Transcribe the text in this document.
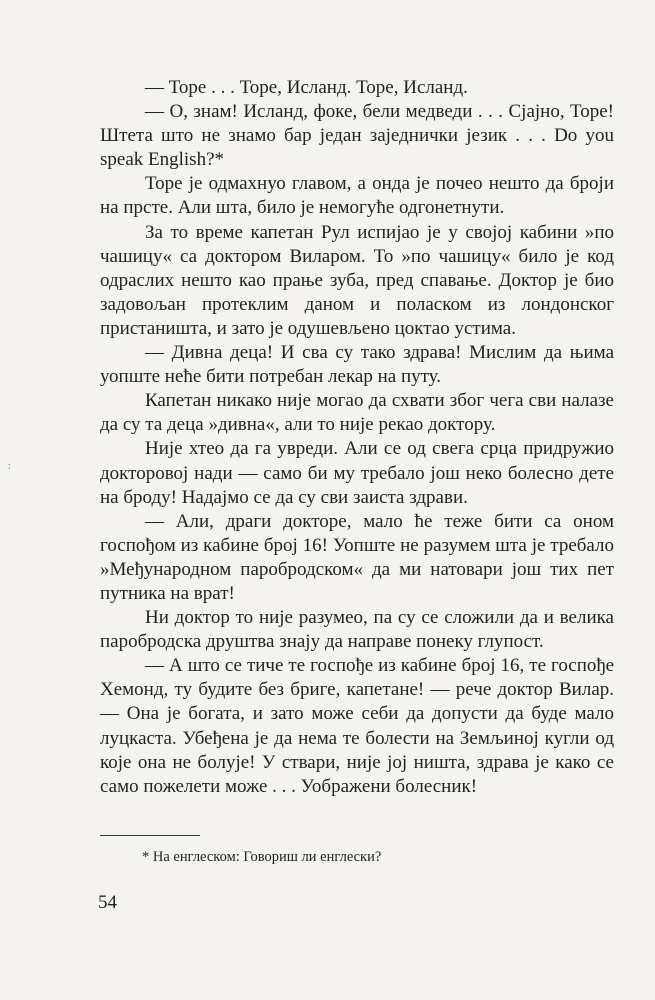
— Торе . . . Торе, Исланд. Торе, Исланд.

— О, знам! Исланд, фоке, бели медведи . . . Сјајно, Торе! Штета што не знамо бар један заједнички језик . . . Do you speak English?*

Торе је одмахнуо главом, а онда је почео нешто да броји на прсте. Али шта, било је немогуће одгонетнути.

За то време капетан Рул испијао је у својој кабини »по чашицу« са доктором Виларом. То »по чашицу« било је код одраслих нешто као прање зуба, пред спавање. Доктор је био задовољан протеклим даном и поласком из лондонског пристаништа, и зато је одушевљено цоктао устима.

— Дивна деца! И сва су тако здрава! Мислим да њима уопште неће бити потребан лекар на путу.

Капетан никако није могао да схвати због чега сви налазе да су та деца »дивна«, али то није рекао доктору.

Није хтео да га увреди. Али се од свега срца придружио докторовој нади — само би му требало још неко болесно дете на броду! Надајмо се да су сви заиста здрави.

— Али, драги докторе, мало ће теже бити са оном госпођом из кабине број 16! Уопште не разумем шта је требало »Међународном паробродском« да ми натовари још тих пет путника на врат!

Ни доктор то није разумео, па су се сложили да и велика паробродска друштва знају да направе понеку глупост.

— А што се тиче те госпође из кабине број 16, те госпође Хемонд, ту будите без бриге, капетане! — рече доктор Вилар. — Она је богата, и зато може себи да допусти да буде мало луцкаста. Убеђена је да нема те болести на Земљиној кугли од које она не болује! У ствари, није јој ништа, здрава је како се само пожелети може . . . Уображени болесник!

* На енглеском: Говориш ли енглески?
54
:
